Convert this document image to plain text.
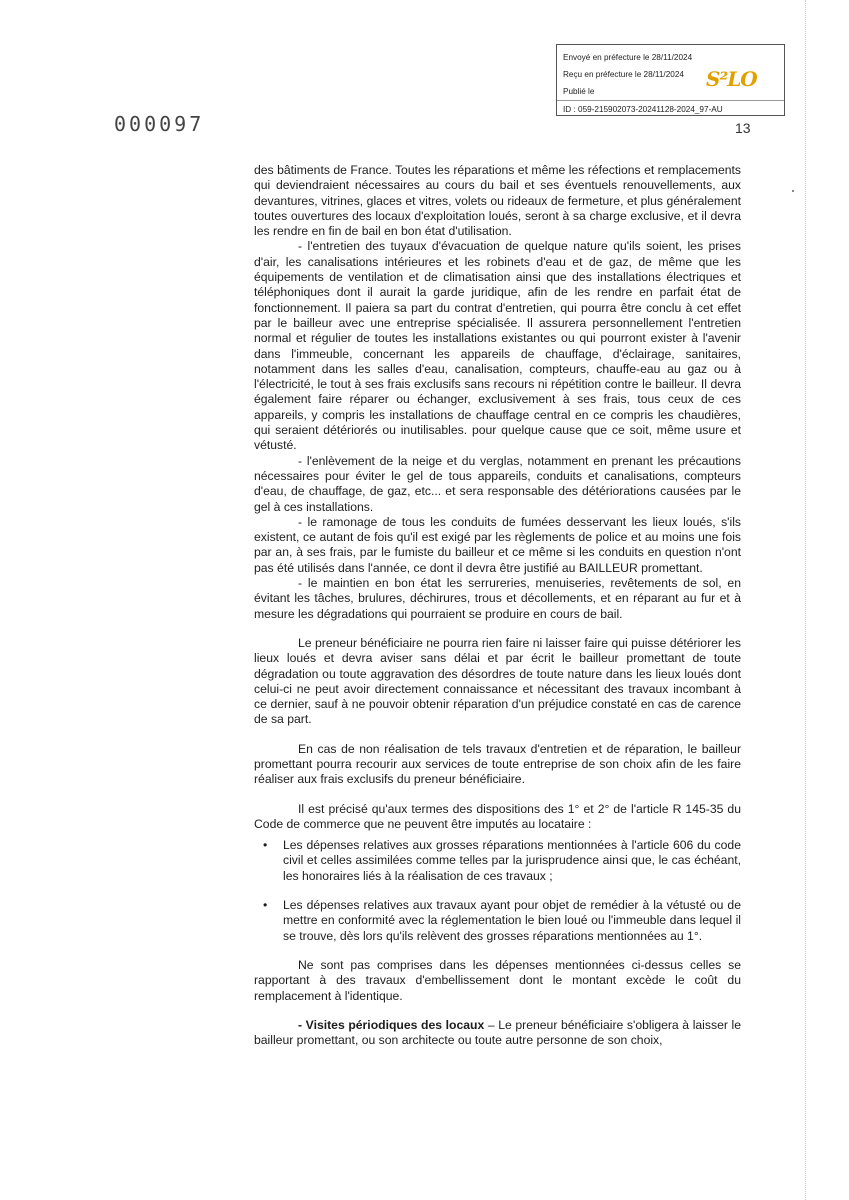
Envoyé en préfecture le 28/11/2024
Reçu en préfecture le 28/11/2024
Publié le
ID : 059-215902073-20241128-2024_97-AU
S²LO
000097	13

des bâtiments de France. Toutes les réparations et même les réfections et remplacements qui deviendraient nécessaires au cours du bail et ses éventuels renouvellements, aux devantures, vitrines, glaces et vitres, volets ou rideaux de fermeture, et plus généralement toutes ouvertures des locaux d'exploitation loués, seront à sa charge exclusive, et il devra les rendre en fin de bail en bon état d'utilisation.

- l'entretien des tuyaux d'évacuation de quelque nature qu'ils soient, les prises d'air, les canalisations intérieures et les robinets d'eau et de gaz, de même que les équipements de ventilation et de climatisation ainsi que des installations électriques et téléphoniques dont il aurait la garde juridique, afin de les rendre en parfait état de fonctionnement. Il paiera sa part du contrat d'entretien, qui pourra être conclu à cet effet par le bailleur avec une entreprise spécialisée. Il assurera personnellement l'entretien normal et régulier de toutes les installations existantes ou qui pourront exister à l'avenir dans l'immeuble, concernant les appareils de chauffage, d'éclairage, sanitaires, notamment dans les salles d'eau, canalisation, compteurs, chauffe-eau au gaz ou à l'électricité, le tout à ses frais exclusifs sans recours ni répétition contre le bailleur. Il devra également faire réparer ou échanger, exclusivement à ses frais, tous ceux de ces appareils, y compris les installations de chauffage central en ce compris les chaudières, qui seraient détériorés ou inutilisables. pour quelque cause que ce soit, même usure et vétusté.

- l'enlèvement de la neige et du verglas, notamment en prenant les précautions nécessaires pour éviter le gel de tous appareils, conduits et canalisations, compteurs d'eau, de chauffage, de gaz, etc... et sera responsable des détériorations causées par le gel à ces installations.

- le ramonage de tous les conduits de fumées desservant les lieux loués, s'ils existent, ce autant de fois qu'il est exigé par les règlements de police et au moins une fois par an, à ses frais, par le fumiste du bailleur et ce même si les conduits en question n'ont pas été utilisés dans l'année, ce dont il devra être justifié au BAILLEUR promettant.

- le maintien en bon état les serrureries, menuiseries, revêtements de sol, en évitant les tâches, brulures, déchirures, trous et décollements, et en réparant au fur et à mesure les dégradations qui pourraient se produire en cours de bail.

Le preneur bénéficiaire ne pourra rien faire ni laisser faire qui puisse détériorer les lieux loués et devra aviser sans délai et par écrit le bailleur promettant de toute dégradation ou toute aggravation des désordres de toute nature dans les lieux loués dont celui-ci ne peut avoir directement connaissance et nécessitant des travaux incombant à ce dernier, sauf à ne pouvoir obtenir réparation d'un préjudice constaté en cas de carence de sa part.

En cas de non réalisation de tels travaux d'entretien et de réparation, le bailleur promettant pourra recourir aux services de toute entreprise de son choix afin de les faire réaliser aux frais exclusifs du preneur bénéficiaire.

Il est précisé qu'aux termes des dispositions des 1° et 2° de l'article R 145-35 du Code de commerce que ne peuvent être imputés au locataire :

• Les dépenses relatives aux grosses réparations mentionnées à l'article 606 du code civil et celles assimilées comme telles par la jurisprudence ainsi que, le cas échéant, les honoraires liés à la réalisation de ces travaux ;
• Les dépenses relatives aux travaux ayant pour objet de remédier à la vétusté ou de mettre en conformité avec la réglementation le bien loué ou l'immeuble dans lequel il se trouve, dès lors qu'ils relèvent des grosses réparations mentionnées au 1°.

Ne sont pas comprises dans les dépenses mentionnées ci-dessus celles se rapportant à des travaux d'embellissement dont le montant excède le coût du remplacement à l'identique.

- Visites périodiques des locaux – Le preneur bénéficiaire s'obligera à laisser le bailleur promettant, ou son architecte ou toute autre personne de son choix,
